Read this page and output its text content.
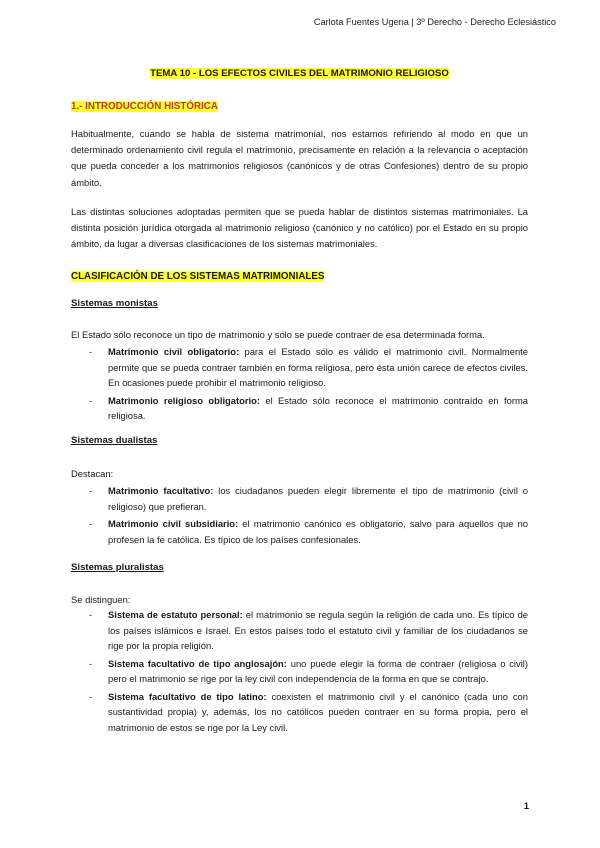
Carlota Fuentes Ugena | 3º Derecho - Derecho Eclesiástico
TEMA 10 - LOS EFECTOS CIVILES DEL MATRIMONIO RELIGIOSO
1.- INTRODUCCIÓN HISTÓRICA
Habitualmente, cuando se habla de sistema matrimonial, nos estamos refiriendo al modo en que un determinado ordenamiento civil regula el matrimonio, precisamente en relación a la relevancia o aceptación que pueda conceder a los matrimonios religiosos (canónicos y de otras Confesiones) dentro de su propio ámbito.
Las distintas soluciones adoptadas permiten que se pueda hablar de distintos sistemas matrimoniales. La distinta posición jurídica otorgada al matrimonio religioso (canónico y no católico) por el Estado en su propio ámbito, da lugar a diversas clasificaciones de los sistemas matrimoniales.
CLASIFICACIÓN DE LOS SISTEMAS MATRIMONIALES
Sistemas monistas
El Estado sólo reconoce un tipo de matrimonio y sólo se puede contraer de esa determinada forma.
- Matrimonio civil obligatorio: para el Estado sólo es válido el matrimonio civil. Normalmente permite que se pueda contraer también en forma religiosa, pero ésta unión carece de efectos civiles. En ocasiones puede prohibir el matrimonio religioso.
- Matrimonio religioso obligatorio: el Estado sólo reconoce el matrimonio contraído en forma religiosa.
Sistemas dualistas
Destacan:
- Matrimonio facultativo: los ciudadanos pueden elegir libremente el tipo de matrimonio (civil o religioso) que prefieran.
- Matrimonio civil subsidiario: el matrimonio canónico es obligatorio, salvo para aquellos que no profesen la fe católica. Es típico de los países confesionales.
Sistemas pluralistas
Se distinguen:
- Sistema de estatuto personal: el matrimonio se regula según la religión de cada uno. Es típico de los países islámicos e Israel. En estos países todo el estatuto civil y familiar de los ciudadanos se rige por la propia religión.
- Sistema facultativo de tipo anglosajón: uno puede elegir la forma de contraer (religiosa o civil) pero el matrimonio se rige por la ley civil con independencia de la forma en que se contrajo.
- Sistema facultativo de tipo latino: coexisten el matrimonio civil y el canónico (cada uno con sustantividad propia) y, además, los no católicos pueden contraer en su forma propia, pero el matrimonio de estos se rige por la Ley civil.
1
